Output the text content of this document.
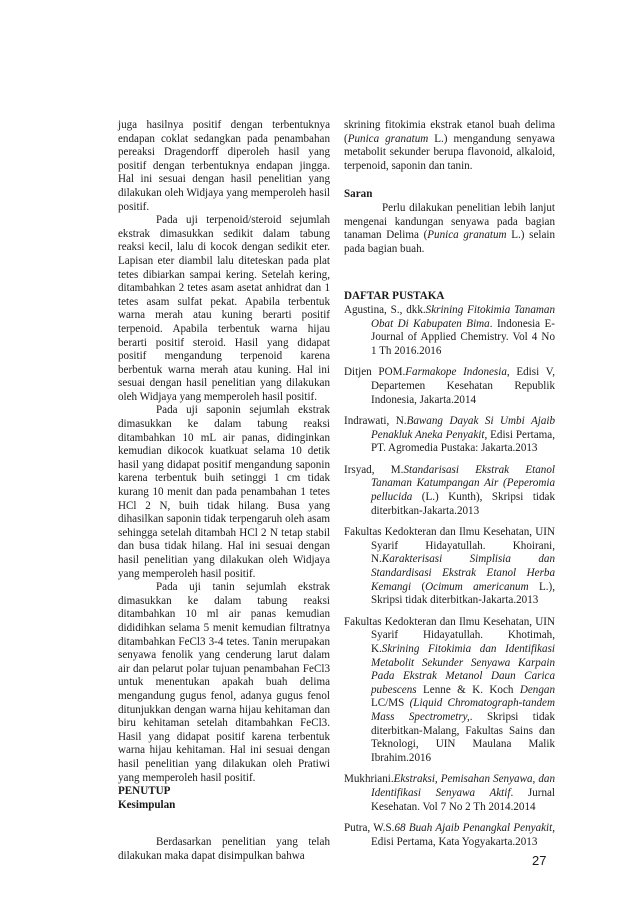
juga hasilnya positif dengan terbentuknya endapan coklat sedangkan pada penambahan pereaksi Dragendorff diperoleh hasil yang positif dengan terbentuknya endapan jingga. Hal ini sesuai dengan hasil penelitian yang dilakukan oleh Widjaya yang memperoleh hasil positif.

Pada uji terpenoid/steroid sejumlah ekstrak dimasukkan sedikit dalam tabung reaksi kecil, lalu di kocok dengan sedikit eter. Lapisan eter diambil lalu diteteskan pada plat tetes dibiarkan sampai kering. Setelah kering, ditambahkan 2 tetes asam asetat anhidrat dan 1 tetes asam sulfat pekat. Apabila terbentuk warna merah atau kuning berarti positif terpenoid. Apabila terbentuk warna hijau berarti positif steroid. Hasil yang didapat positif mengandung terpenoid karena berbentuk warna merah atau kuning. Hal ini sesuai dengan hasil penelitian yang dilakukan oleh Widjaya yang memperoleh hasil positif.

Pada uji saponin sejumlah ekstrak dimasukkan ke dalam tabung reaksi ditambahkan 10 mL air panas, didinginkan kemudian dikocok kuatkuat selama 10 detik hasil yang didapat positif mengandung saponin karena terbentuk buih setinggi 1 cm tidak kurang 10 menit dan pada penambahan 1 tetes HCl 2 N, buih tidak hilang. Busa yang dihasilkan saponin tidak terpengaruh oleh asam sehingga setelah ditambah HCl 2 N tetap stabil dan busa tidak hilang. Hal ini sesuai dengan hasil penelitian yang dilakukan oleh Widjaya yang memperoleh hasil positif.

Pada uji tanin sejumlah ekstrak dimasukkan ke dalam tabung reaksi ditambahkan 10 ml air panas kemudian dididihkan selama 5 menit kemudian filtratnya ditambahkan FeCl3 3-4 tetes. Tanin merupakan senyawa fenolik yang cenderung larut dalam air dan pelarut polar tujuan penambahan FeCl3 untuk menentukan apakah buah delima mengandung gugus fenol, adanya gugus fenol ditunjukkan dengan warna hijau kehitaman dan biru kehitaman setelah ditambahkan FeCl3. Hasil yang didapat positif karena terbentuk warna hijau kehitaman. Hal ini sesuai dengan hasil penelitian yang dilakukan oleh Pratiwi yang memperoleh hasil positif.

PENUTUP

Kesimpulan

Berdasarkan penelitian yang telah dilakukan maka dapat disimpulkan bahwa

skrining fitokimia ekstrak etanol buah delima (Punica granatum L.) mengandung senyawa metabolit sekunder berupa flavonoid, alkaloid, terpenoid, saponin dan tanin.

Saran

Perlu dilakukan penelitian lebih lanjut mengenai kandungan senyawa pada bagian tanaman Delima (Punica granatum L.) selain pada bagian buah.

DAFTAR PUSTAKA

Agustina, S., dkk.Skrining Fitokimia Tanaman Obat Di Kabupaten Bima. Indonesia E-Journal of Applied Chemistry. Vol 4 No 1 Th 2016.2016

Ditjen POM.Farmakope Indonesia, Edisi V, Departemen Kesehatan Republik Indonesia, Jakarta.2014

Indrawati, N.Bawang Dayak Si Umbi Ajaib Penakluk Aneka Penyakit, Edisi Pertama, PT. Agromedia Pustaka: Jakarta.2013

Irsyad, M.Standarisasi Ekstrak Etanol Tanaman Katumpangan Air (Peperomia pellucida (L.) Kunth), Skripsi tidak diterbitkan-Jakarta.2013

Fakultas Kedokteran dan Ilmu Kesehatan, UIN Syarif Hidayatullah. Khoirani, N.Karakterisasi Simplisia dan Standardisasi Ekstrak Etanol Herba Kemangi (Ocimum americanum L.), Skripsi tidak diterbitkan-Jakarta.2013

Fakultas Kedokteran dan Ilmu Kesehatan, UIN Syarif Hidayatullah. Khotimah, K.Skrining Fitokimia dan Identifikasi Metabolit Sekunder Senyawa Karpain Pada Ekstrak Metanol Daun Carica pubescens Lenne & K. Koch Dengan LC/MS (Liquid Chromatograph-tandem Mass Spectrometry,. Skripsi tidak diterbitkan-Malang, Fakultas Sains dan Teknologi, UIN Maulana Malik Ibrahim.2016

Mukhriani.Ekstraksi, Pemisahan Senyawa, dan Identifikasi Senyawa Aktif. Jurnal Kesehatan. Vol 7 No 2 Th 2014.2014

Putra, W.S.68 Buah Ajaib Penangkal Penyakit, Edisi Pertama, Kata Yogyakarta.2013

27
